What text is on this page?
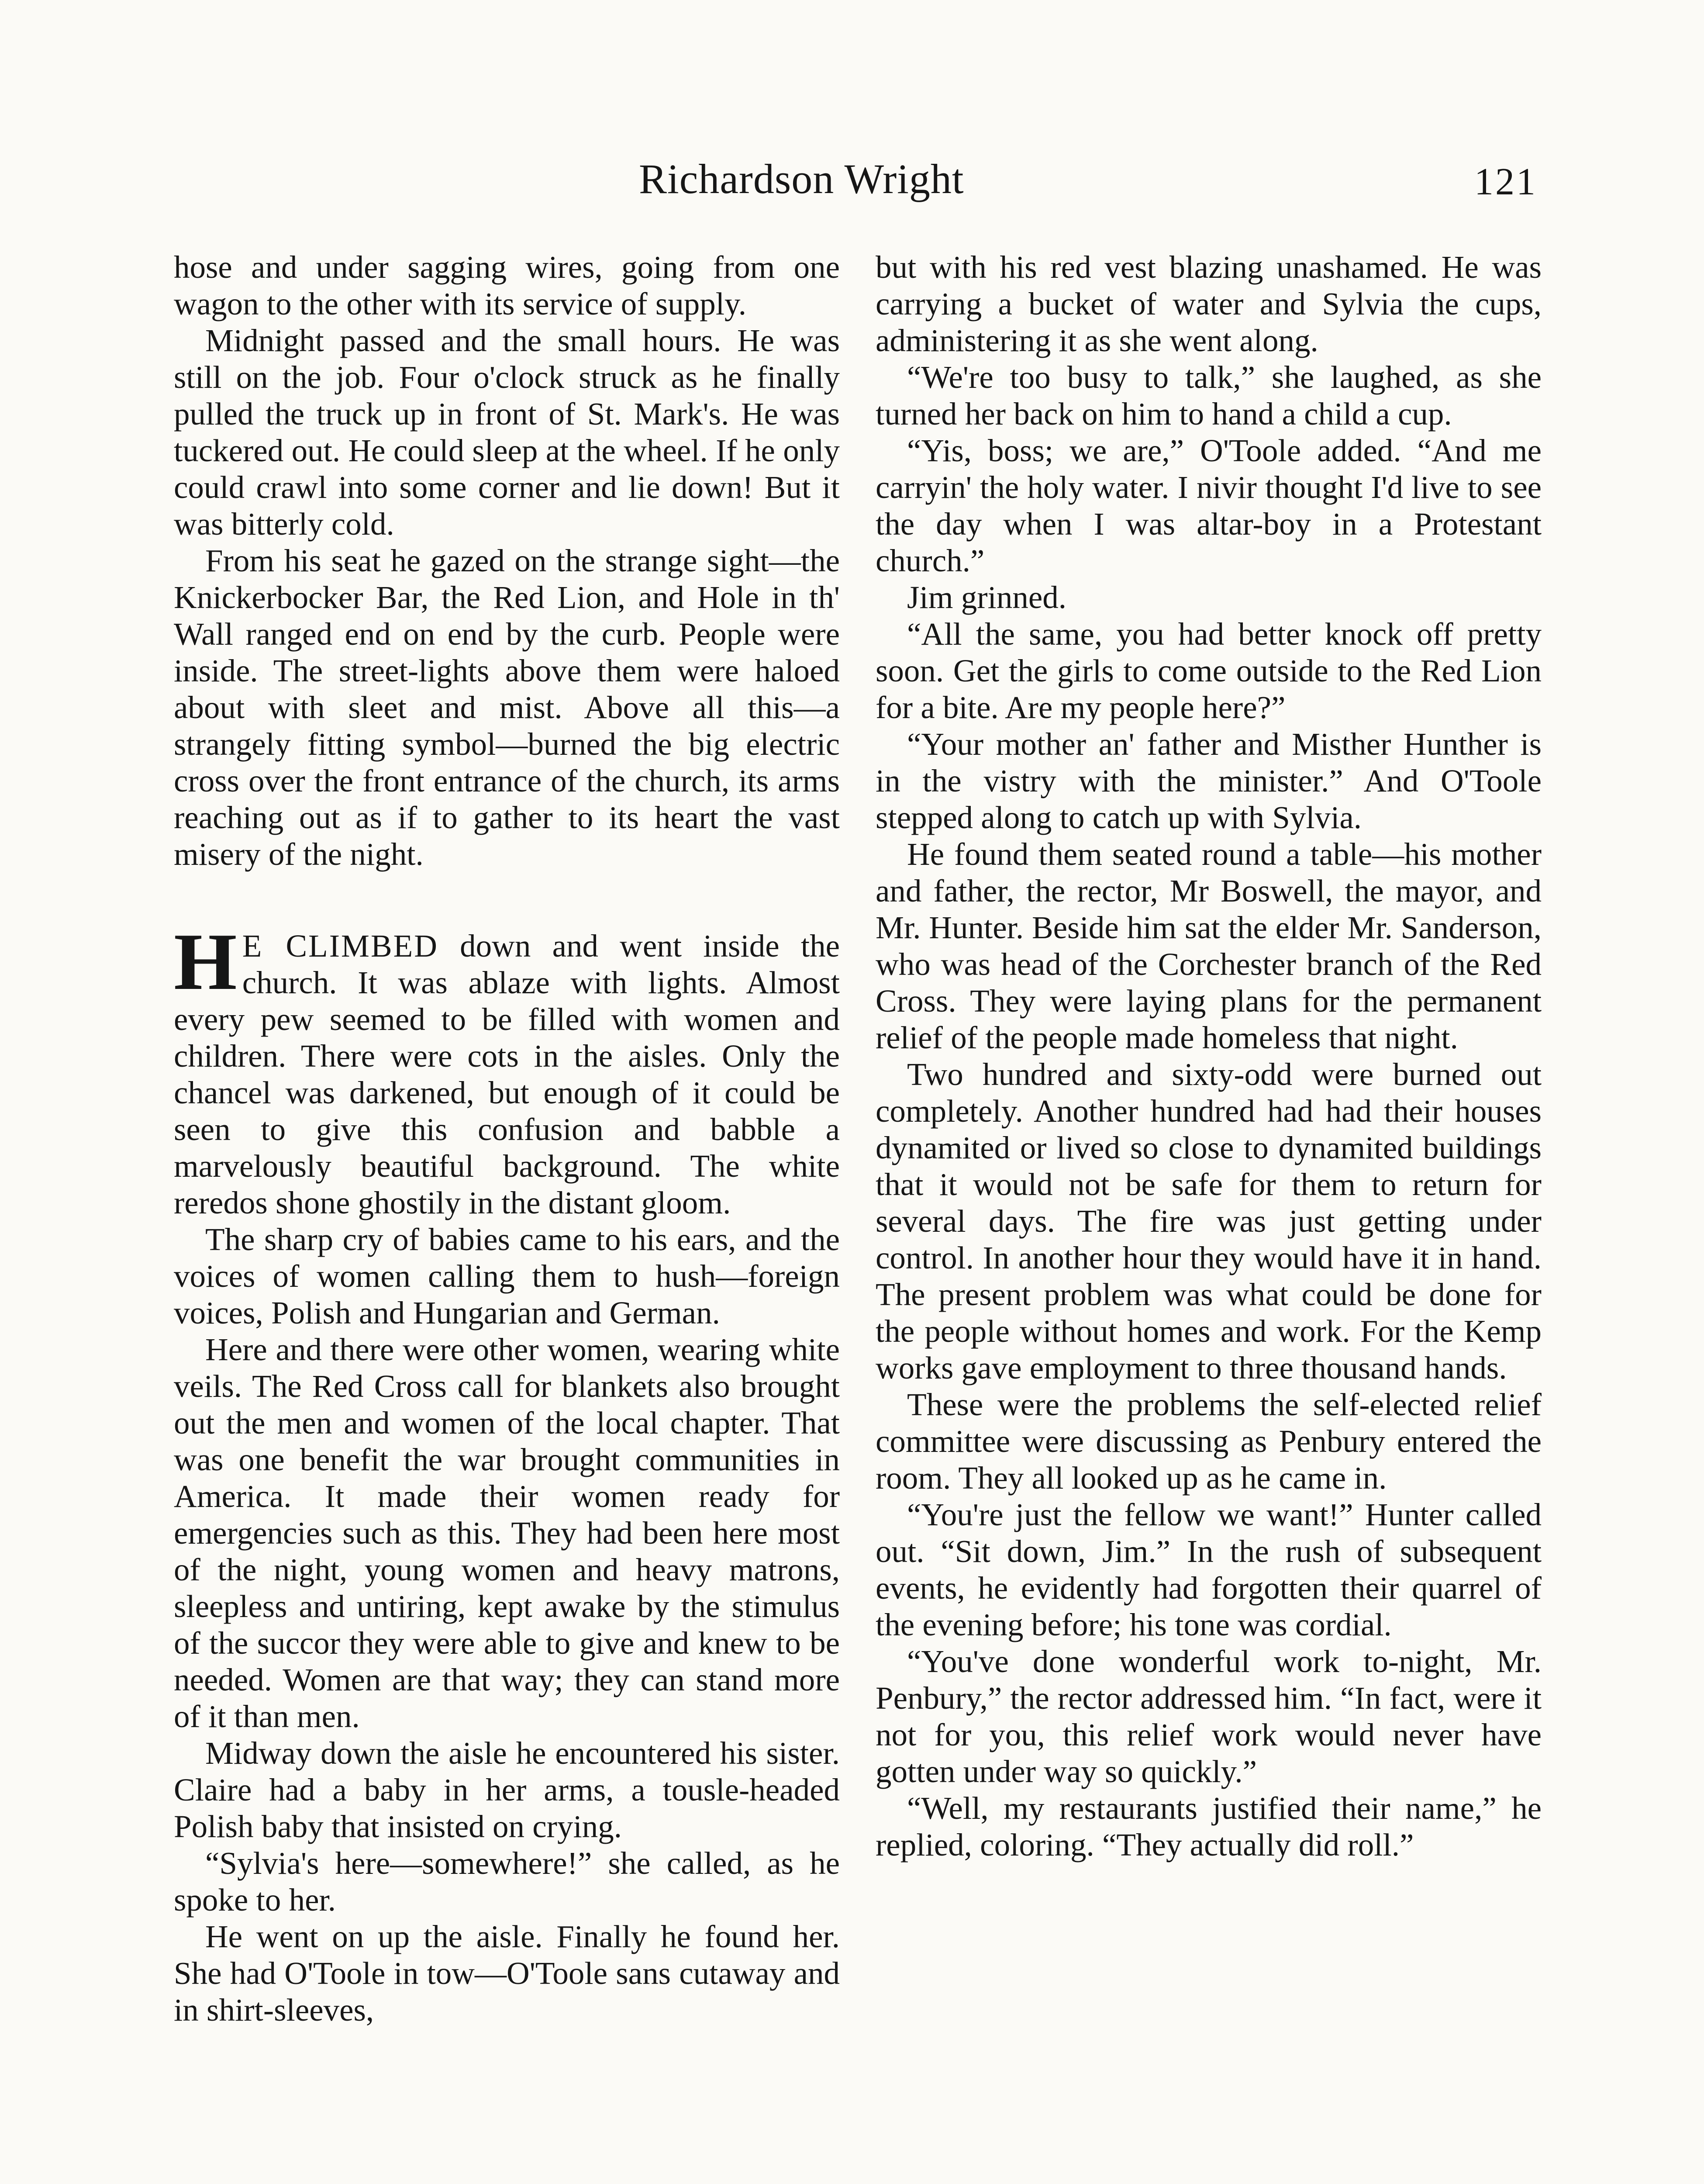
Richardson Wright	121

hose and under sagging wires, going from one wagon to the other with its service of supply.

Midnight passed and the small hours. He was still on the job. Four o'clock struck as he finally pulled the truck up in front of St. Mark's. He was tuckered out. He could sleep at the wheel. If he only could crawl into some corner and lie down! But it was bitterly cold.

From his seat he gazed on the strange sight—the Knickerbocker Bar, the Red Lion, and Hole in th' Wall ranged end on end by the curb. People were inside. The street-lights above them were haloed about with sleet and mist. Above all this—a strangely fitting symbol—burned the big electric cross over the front entrance of the church, its arms reaching out as if to gather to its heart the vast misery of the night.

H E CLIMBED down and went inside the church. It was ablaze with lights. Almost every pew seemed to be filled with women and children. There were cots in the aisles. Only the chancel was darkened, but enough of it could be seen to give this confusion and babble a marvelously beautiful background. The white reredos shone ghostily in the distant gloom.

The sharp cry of babies came to his ears, and the voices of women calling them to hush—foreign voices, Polish and Hungarian and German.

Here and there were other women, wearing white veils. The Red Cross call for blankets also brought out the men and women of the local chapter. That was one benefit the war brought communities in America. It made their women ready for emergencies such as this. They had been here most of the night, young women and heavy matrons, sleepless and untiring, kept awake by the stimulus of the succor they were able to give and knew to be needed. Women are that way; they can stand more of it than men.

Midway down the aisle he encountered his sister. Claire had a baby in her arms, a tousle-headed Polish baby that insisted on crying.

“Sylvia's here—somewhere!” she called, as he spoke to her.

He went on up the aisle. Finally he found her. She had O'Toole in tow—O'Toole sans cutaway and in shirt-sleeves,

but with his red vest blazing unashamed. He was carrying a bucket of water and Sylvia the cups, administering it as she went along.

“We're too busy to talk,” she laughed, as she turned her back on him to hand a child a cup.

“Yis, boss; we are,” O'Toole added. “And me carryin' the holy water. I nivir thought I'd live to see the day when I was altar-boy in a Protestant church.”

Jim grinned.

“All the same, you had better knock off pretty soon. Get the girls to come outside to the Red Lion for a bite. Are my people here?”

“Your mother an' father and Misther Hunther is in the vistry with the minister.” And O'Toole stepped along to catch up with Sylvia.

He found them seated round a table—his mother and father, the rector, Mr Boswell, the mayor, and Mr. Hunter. Beside him sat the elder Mr. Sanderson, who was head of the Corchester branch of the Red Cross. They were laying plans for the permanent relief of the people made homeless that night.

Two hundred and sixty-odd were burned out completely. Another hundred had had their houses dynamited or lived so close to dynamited buildings that it would not be safe for them to return for several days. The fire was just getting under control. In another hour they would have it in hand. The present problem was what could be done for the people without homes and work. For the Kemp works gave employment to three thousand hands.

These were the problems the self-elected relief committee were discussing as Penbury entered the room. They all looked up as he came in.

“You're just the fellow we want!” Hunter called out. “Sit down, Jim.” In the rush of subsequent events, he evidently had forgotten their quarrel of the evening before; his tone was cordial.

“You've done wonderful work to-night, Mr. Penbury,” the rector addressed him. “In fact, were it not for you, this relief work would never have gotten under way so quickly.”

“Well, my restaurants justified their name,” he replied, coloring. “They actually did roll.”
